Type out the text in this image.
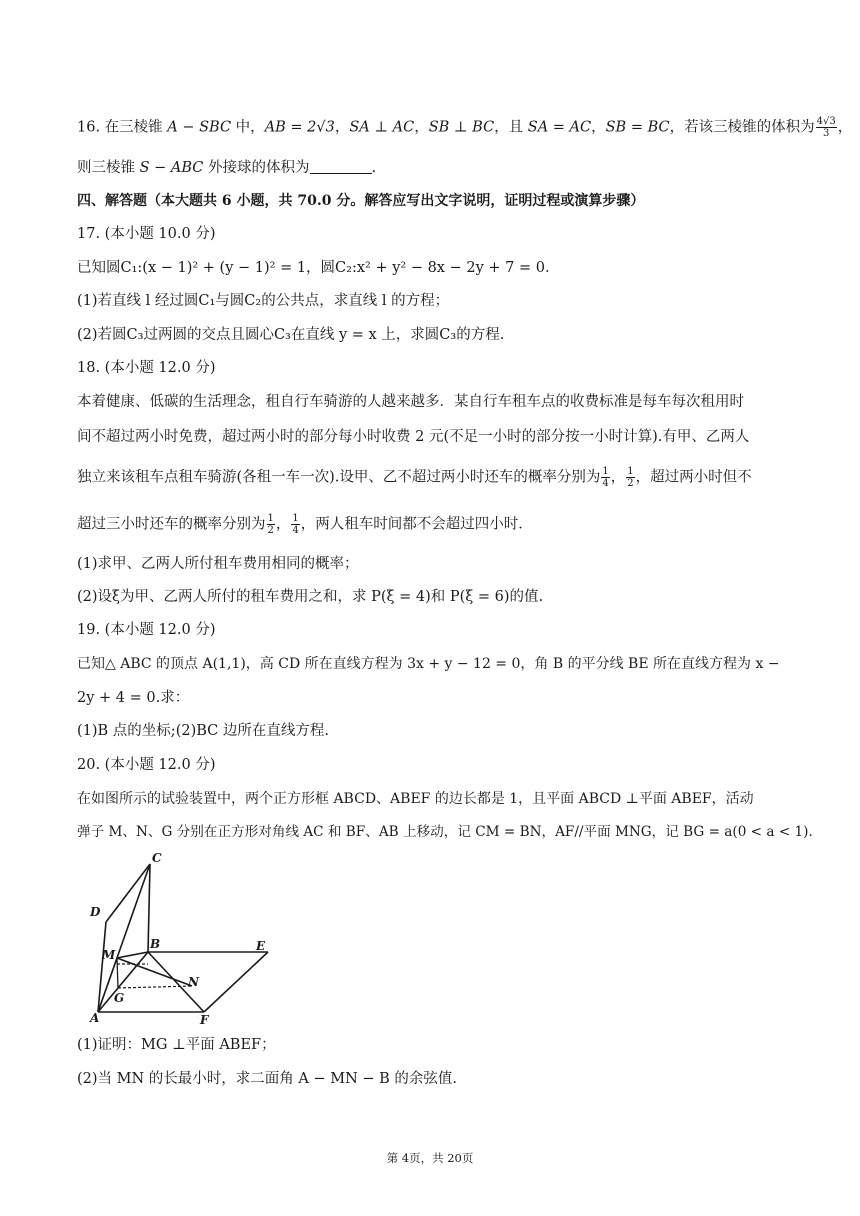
16. 在三棱锥 A − SBC 中，AB = 2√3，SA ⊥ AC，SB ⊥ BC，且 SA = AC，SB = BC，若该三棱锥的体积为 $\frac{4√3}{3}$ ，
则三棱锥 S − ABC 外接球的体积为	.
四、解答题（本大题共 6 小题，共 70.0 分。解答应写出文字说明，证明过程或演算步骤）
17. (本小题 10.0 分)
已知圆C₁:(x − 1)² + (y − 1)² = 1，圆C₂:x² + y² − 8x − 2y + 7 = 0．
(1)若直线 l 经过圆C₁与圆C₂的公共点，求直线 l 的方程；
(2)若圆C₃过两圆的交点且圆心C₃在直线 y = x 上，求圆C₃的方程.
18. (本小题 12.0 分)
本着健康、低碳的生活理念，租自行车骑游的人越来越多．某自行车租车点的收费标准是每车每次租用时
间不超过两小时免费，超过两小时的部分每小时收费 2 元(不足一小时的部分按一小时计算).有甲、乙两人
独立来该租车点租车骑游(各租一车一次).设甲、乙不超过两小时还车的概率分别为 $\frac{1}{4}$ ， $\frac{1}{2}$ ，超过两小时但不
超过三小时还车的概率分别为 $\frac{1}{2}$ ， $\frac{1}{4}$ ，两人租车时间都不会超过四小时．
(1)求甲、乙两人所付租车费用相同的概率；
(2)设ξ为甲、乙两人所付的租车费用之和，求 P(ξ = 4)和 P(ξ = 6)的值.
19. (本小题 12.0 分)
已知△ ABC 的顶点 A(1,1)，高 CD 所在直线方程为 3x + y − 12 = 0，角 B 的平分线 BE 所在直线方程为 x −
2y + 4 = 0.求：
(1)B 点的坐标;(2)BC 边所在直线方程.
20. (本小题 12.0 分)
在如图所示的试验装置中，两个正方形框 ABCD、ABEF 的边长都是 1，且平面 ABCD ⊥平面 ABEF，活动
弹子 M、N、G 分别在正方形对角线 AC 和 BF、AB 上移动，记 CM = BN，AF//平面 MNG，记 BG = a(0 < a < 1).
C
D
M
B	E
G
N
A	F
(1)证明：MG ⊥平面 ABEF；
(2)当 MN 的长最小时，求二面角 A − MN − B 的余弦值.
第 4页，共 20页
